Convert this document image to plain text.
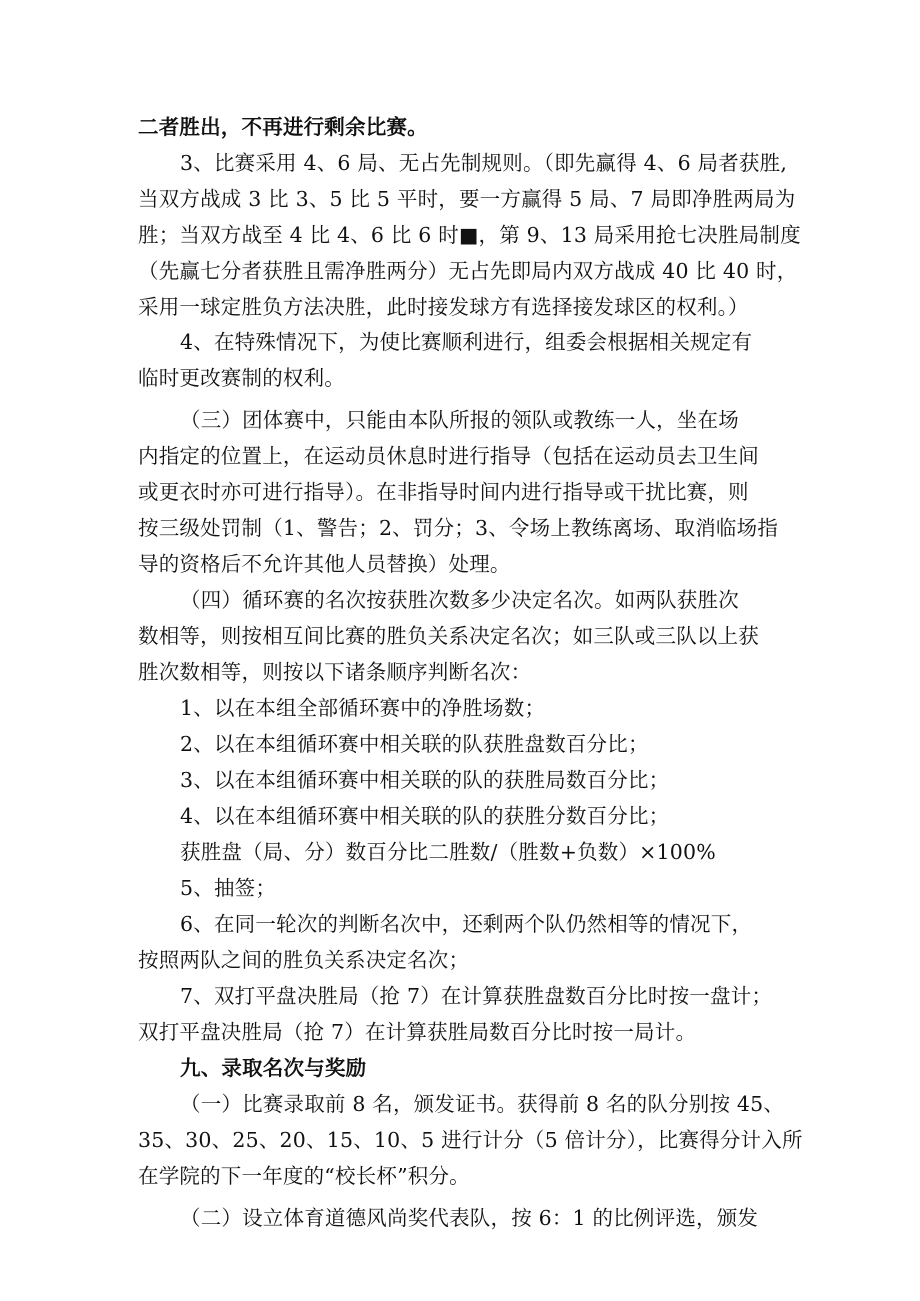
二者胜出，不再进行剩余比赛。
3、比赛采用 4、6 局、无占先制规则。（即先赢得 4、6 局者获胜,
当双方战成 3 比 3、5 比 5 平时，要一方赢得 5 局、7 局即净胜两局为
胜；当双方战至 4 比 4、6 比 6 时■，第 9、13 局采用抢七决胜局制度
（先赢七分者获胜且需净胜两分）无占先即局内双方战成 40 比 40 时，
采用一球定胜负方法决胜，此时接发球方有选择接发球区的权利。）
4、在特殊情况下，为使比赛顺利进行，组委会根据相关规定有
临时更改赛制的权利。
（三）团体赛中，只能由本队所报的领队或教练一人，坐在场
内指定的位置上，在运动员休息时进行指导（包括在运动员去卫生间
或更衣时亦可进行指导）。在非指导时间内进行指导或干扰比赛，则
按三级处罚制（1、警告；2、罚分；3、令场上教练离场、取消临场指
导的资格后不允许其他人员替换）处理。
（四）循环赛的名次按获胜次数多少决定名次。如两队获胜次
数相等，则按相互间比赛的胜负关系决定名次；如三队或三队以上获
胜次数相等，则按以下诸条顺序判断名次：
1、以在本组全部循环赛中的净胜场数；
2、以在本组循环赛中相关联的队获胜盘数百分比；
3、以在本组循环赛中相关联的队的获胜局数百分比；
4、以在本组循环赛中相关联的队的获胜分数百分比；
获胜盘（局、分）数百分比二胜数/（胜数+负数）×100%
5、抽签；
6、在同一轮次的判断名次中，还剩两个队仍然相等的情况下，
按照两队之间的胜负关系决定名次；
7、双打平盘决胜局（抢 7）在计算获胜盘数百分比时按一盘计；
双打平盘决胜局（抢 7）在计算获胜局数百分比时按一局计。
九、录取名次与奖励
（一）比赛录取前 8 名，颁发证书。获得前 8 名的队分别按 45、
35、30、25、20、15、10、5 进行计分（5 倍计分），比赛得分计入所
在学院的下一年度的“校长杯”积分。
（二）设立体育道德风尚奖代表队，按 6：1 的比例评选，颁发
